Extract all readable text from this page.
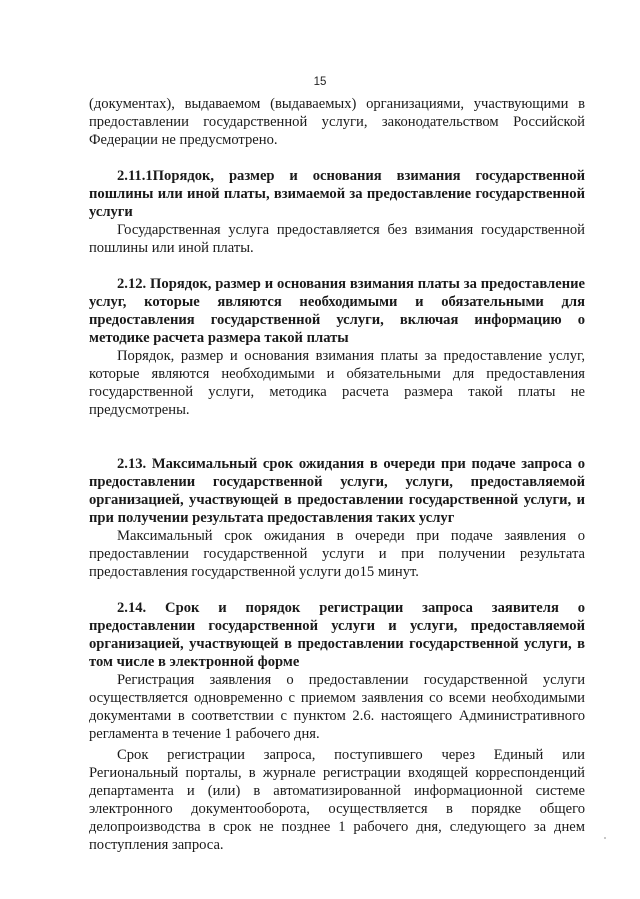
15

(документах), выдаваемом (выдаваемых) организациями, участвующими в предоставлении государственной услуги, законодательством Российской Федерации не предусмотрено.

2.11.1Порядок, размер и основания взимания государственной пошлины или иной платы, взимаемой за предоставление государственной услуги

Государственная услуга предоставляется без взимания государственной пошлины или иной платы.

2.12. Порядок, размер и основания взимания платы за предоставление услуг, которые являются необходимыми и обязательными для предоставления государственной услуги, включая информацию о методике расчета размера такой платы

Порядок, размер и основания взимания платы за предоставление услуг, которые являются необходимыми и обязательными для предоставления государственной услуги, методика расчета размера такой платы не предусмотрены.

2.13. Максимальный срок ожидания в очереди при подаче запроса о предоставлении государственной услуги, услуги, предоставляемой организацией, участвующей в предоставлении государственной услуги, и при получении результата предоставления таких услуг

Максимальный срок ожидания в очереди при подаче заявления о предоставлении государственной услуги и при получении результата предоставления государственной услуги до15 минут.

2.14. Срок и порядок регистрации запроса заявителя о предоставлении государственной услуги и услуги, предоставляемой организацией, участвующей в предоставлении государственной услуги, в том числе в электронной форме

Регистрация заявления о предоставлении государственной услуги осуществляется одновременно с приемом заявления со всеми необходимыми документами в соответствии с пунктом 2.6. настоящего Административного регламента в течение 1 рабочего дня.

Срок регистрации запроса, поступившего через Единый или Региональный порталы, в журнале регистрации входящей корреспонденций департамента и (или) в автоматизированной информационной системе электронного документооборота, осуществляется в порядке общего делопроизводства в срок не позднее 1 рабочего дня, следующего за днем поступления запроса.
